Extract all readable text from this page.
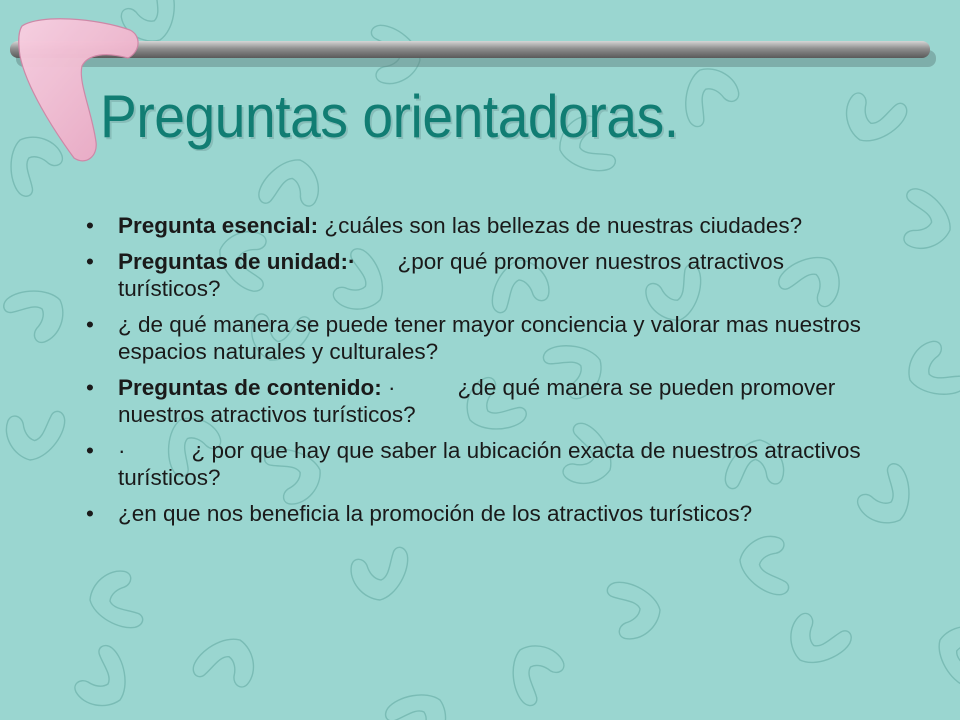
Preguntas orientadoras.
• Pregunta esencial: ¿cuáles son las bellezas de nuestras ciudades?
• Preguntas de unidad:· ¿por qué promover nuestros atractivos turísticos?
• ¿ de qué manera se puede tener mayor conciencia y valorar mas nuestros espacios naturales y culturales?
• Preguntas de contenido: ·	¿de qué manera se pueden promover nuestros atractivos turísticos?
• ·	¿ por que hay que saber la ubicación exacta de nuestros atractivos turísticos?
• ¿en que nos beneficia la promoción de los atractivos turísticos?
